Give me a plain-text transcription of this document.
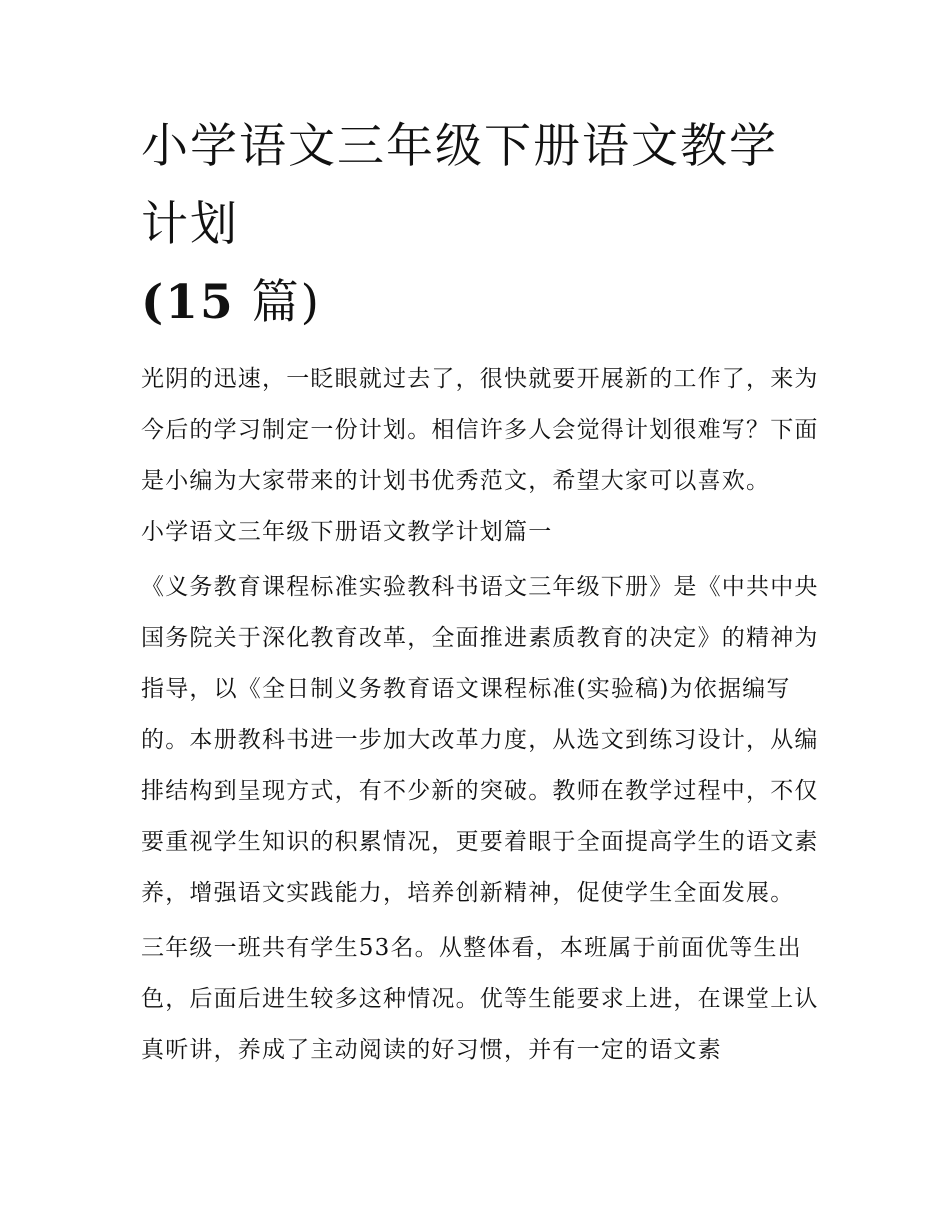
小学语文三年级下册语文教学计划
(15 篇)

光阴的迅速，一眨眼就过去了，很快就要开展新的工作了，来为今后的学习制定一份计划。相信许多人会觉得计划很难写？下面是小编为大家带来的计划书优秀范文，希望大家可以喜欢。

小学语文三年级下册语文教学计划篇一

《义务教育课程标准实验教科书语文三年级下册》是《中共中央国务院关于深化教育改革，全面推进素质教育的决定》的精神为指导，以《全日制义务教育语文课程标准(实验稿)为依据编写的。本册教科书进一步加大改革力度，从选文到练习设计，从编排结构到呈现方式，有不少新的突破。教师在教学过程中，不仅要重视学生知识的积累情况，更要着眼于全面提高学生的语文素养，增强语文实践能力，培养创新精神，促使学生全面发展。

三年级一班共有学生53名。从整体看，本班属于前面优等生出色，后面后进生较多这种情况。优等生能要求上进，在课堂上认真听讲，养成了主动阅读的好习惯，并有一定的语文素
